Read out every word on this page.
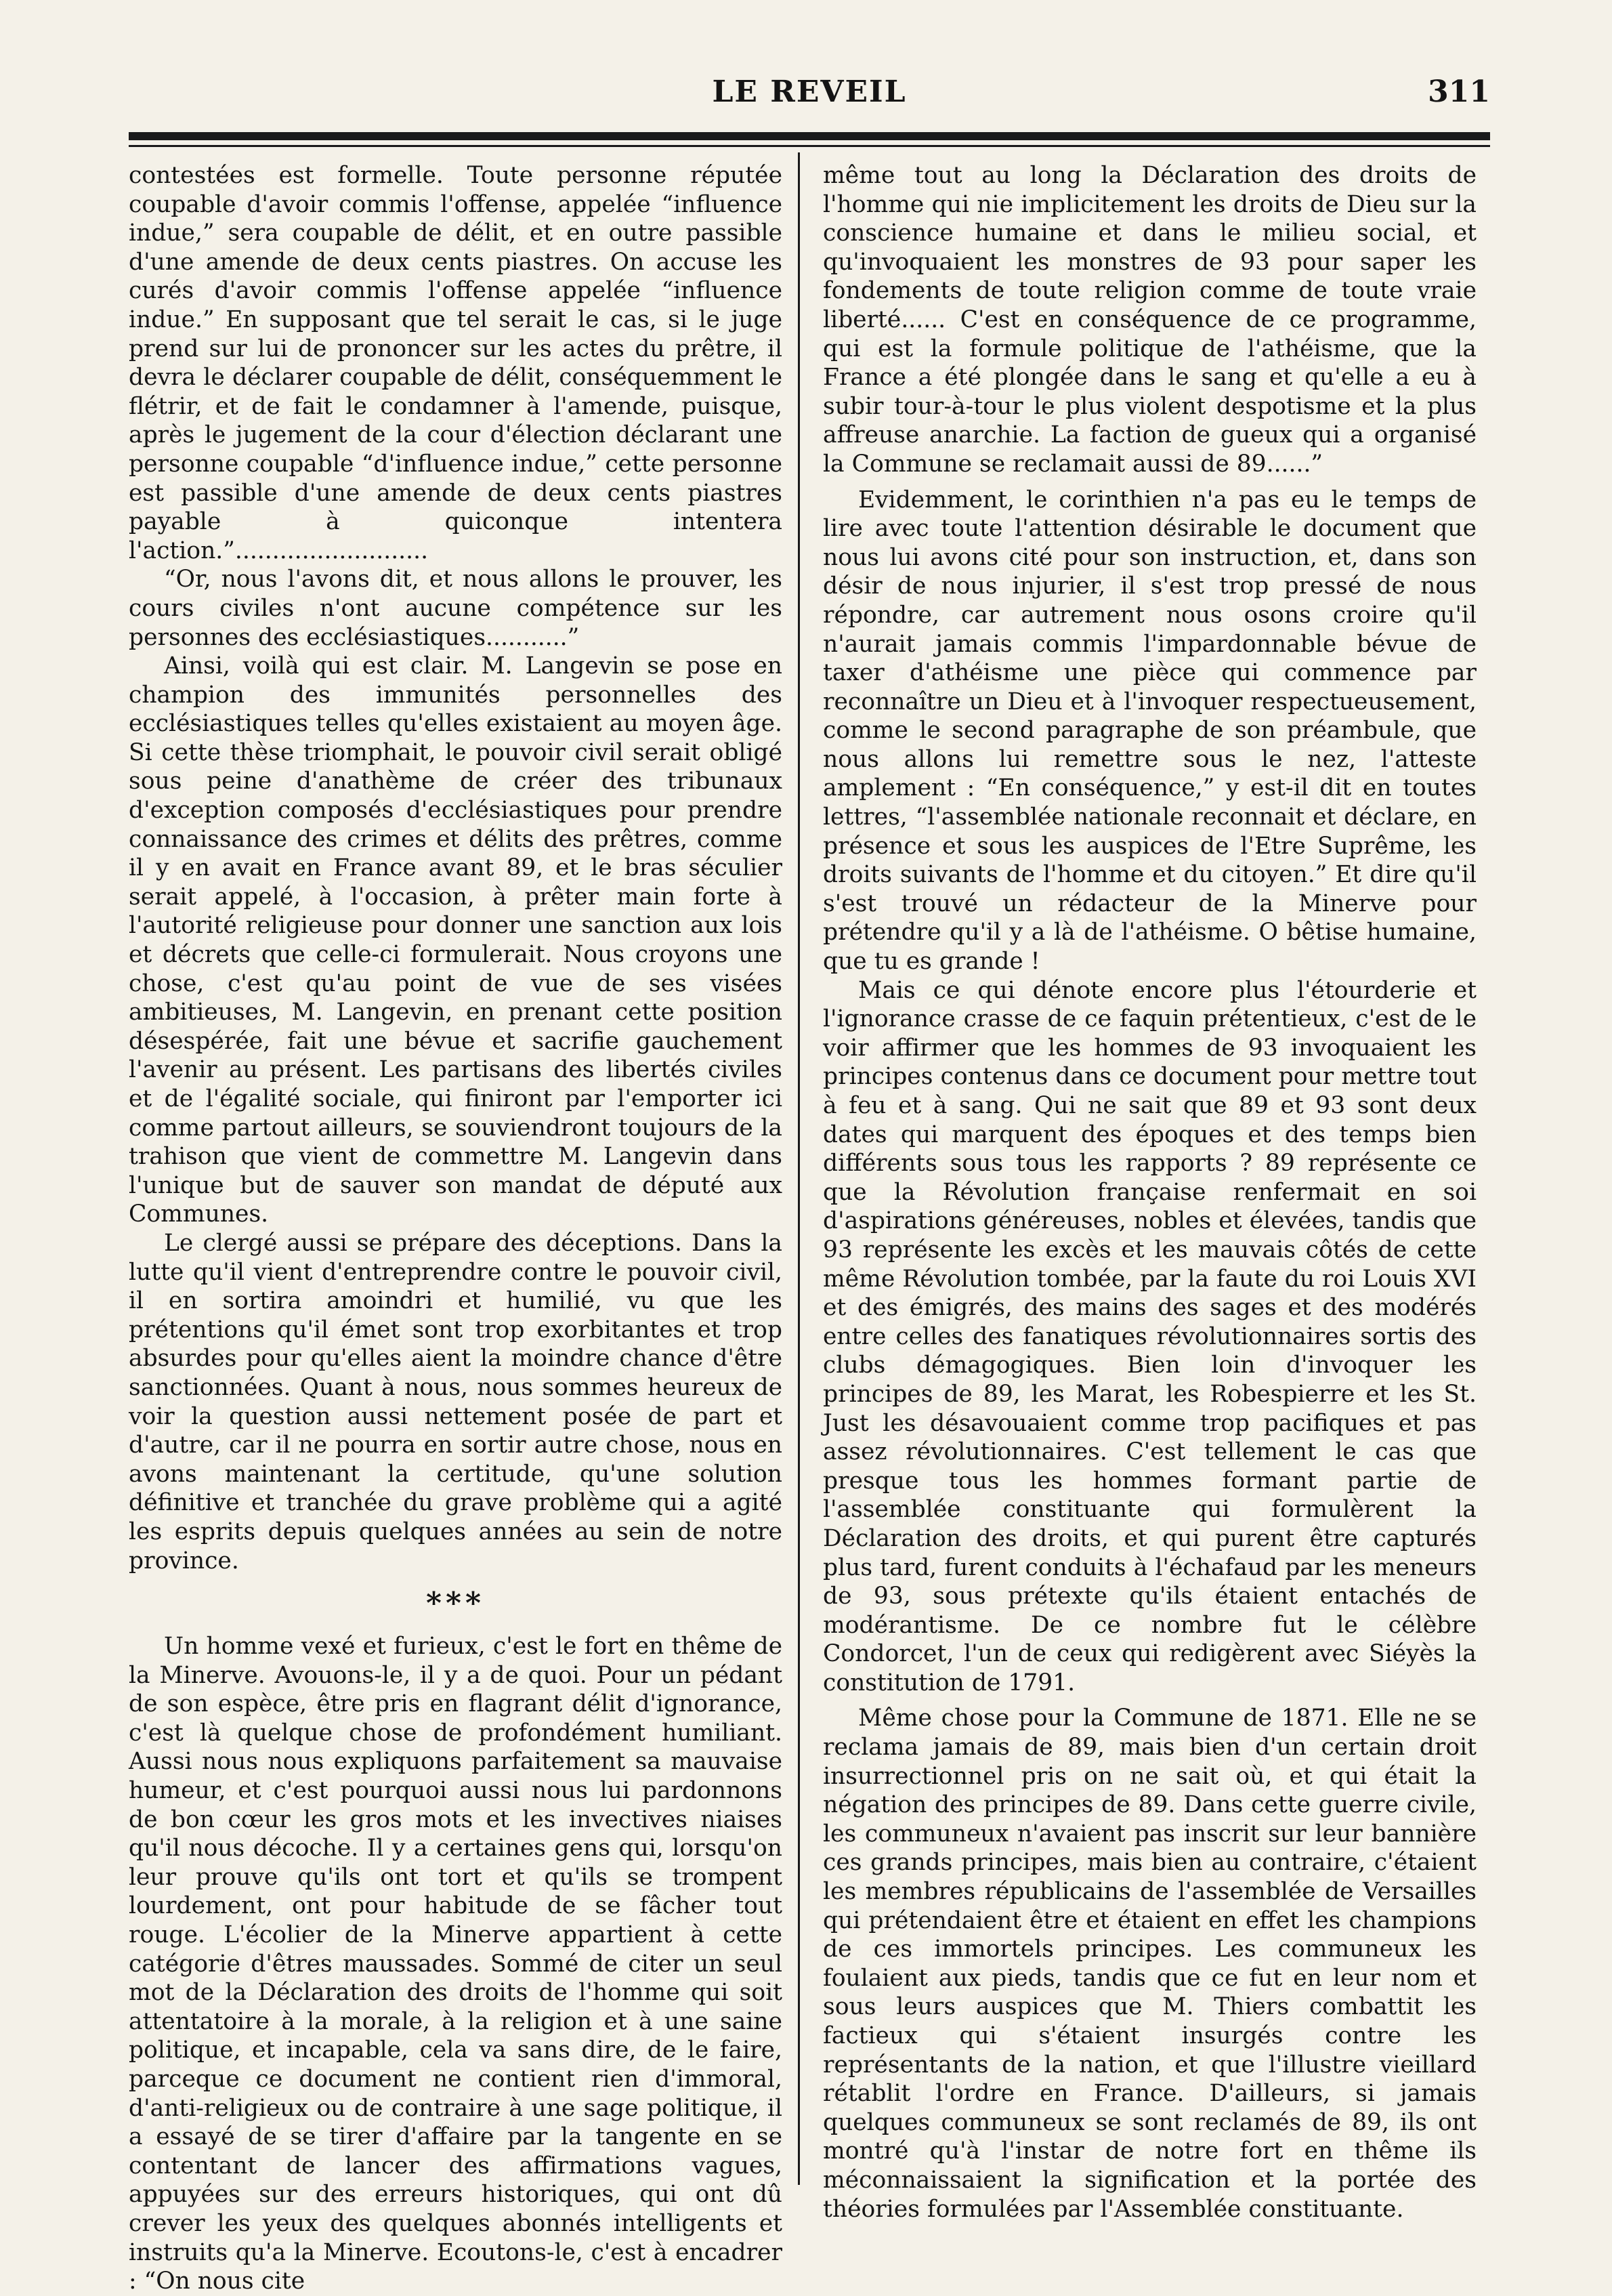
LE REVEIL	311

contestées est formelle. Toute personne réputée coupable d'avoir commis l'offense, appelée “influence indue,” sera coupable de délit, et en outre passible d'une amende de deux cents piastres. On accuse les curés d'avoir commis l'offense appelée “influence indue.” En supposant que tel serait le cas, si le juge prend sur lui de prononcer sur les actes du prêtre, il devra le déclarer coupable de délit, conséquemment le flétrir, et de fait le condamner à l'amende, puisque, après le jugement de la cour d'élection déclarant une personne coupable “d'influence indue,” cette personne est passible d'une amende de deux cents piastres payable à quiconque intentera l'action.”..........................

“Or, nous l'avons dit, et nous allons le prouver, les cours civiles n'ont aucune compétence sur les personnes des ecclésiastiques...........”

Ainsi, voilà qui est clair. M. Langevin se pose en champion des immunités personnelles des ecclésiastiques telles qu'elles existaient au moyen âge. Si cette thèse triomphait, le pouvoir civil serait obligé sous peine d'anathème de créer des tribunaux d'exception composés d'ecclésiastiques pour prendre connaissance des crimes et délits des prêtres, comme il y en avait en France avant 89, et le bras séculier serait appelé, à l'occasion, à prêter main forte à l'autorité religieuse pour donner une sanction aux lois et décrets que celle-ci formulerait. Nous croyons une chose, c'est qu'au point de vue de ses visées ambitieuses, M. Langevin, en prenant cette position désespérée, fait une bévue et sacrifie gauchement l'avenir au présent. Les partisans des libertés civiles et de l'égalité sociale, qui finiront par l'emporter ici comme partout ailleurs, se souviendront toujours de la trahison que vient de commettre M. Langevin dans l'unique but de sauver son mandat de député aux Communes.

Le clergé aussi se prépare des déceptions. Dans la lutte qu'il vient d'entreprendre contre le pouvoir civil, il en sortira amoindri et humilié, vu que les prétentions qu'il émet sont trop exorbitantes et trop absurdes pour qu'elles aient la moindre chance d'être sanctionnées. Quant à nous, nous sommes heureux de voir la question aussi nettement posée de part et d'autre, car il ne pourra en sortir autre chose, nous en avons maintenant la certitude, qu'une solution définitive et tranchée du grave problème qui a agité les esprits depuis quelques années au sein de notre province.

***

Un homme vexé et furieux, c'est le fort en thême de la Minerve. Avouons-le, il y a de quoi. Pour un pédant de son espèce, être pris en flagrant délit d'ignorance, c'est là quelque chose de profondément humiliant. Aussi nous nous expliquons parfaitement sa mauvaise humeur, et c'est pourquoi aussi nous lui pardonnons de bon cœur les gros mots et les invectives niaises qu'il nous décoche. Il y a certaines gens qui, lorsqu'on leur prouve qu'ils ont tort et qu'ils se trompent lourdement, ont pour habitude de se fâcher tout rouge. L'écolier de la Minerve appartient à cette catégorie d'êtres maussades. Sommé de citer un seul mot de la Déclaration des droits de l'homme qui soit attentatoire à la morale, à la religion et à une saine politique, et incapable, cela va sans dire, de le faire, parceque ce document ne contient rien d'immoral, d'anti-religieux ou de contraire à une sage politique, il a essayé de se tirer d'affaire par la tangente en se contentant de lancer des affirmations vagues, appuyées sur des erreurs historiques, qui ont dû crever les yeux des quelques abonnés intelligents et instruits qu'a la Minerve. Ecoutons-le, c'est à encadrer : “On nous cite

même tout au long la Déclaration des droits de l'homme qui nie implicitement les droits de Dieu sur la conscience humaine et dans le milieu social, et qu'invoquaient les monstres de 93 pour saper les fondements de toute religion comme de toute vraie liberté...... C'est en conséquence de ce programme, qui est la formule politique de l'athéisme, que la France a été plongée dans le sang et qu'elle a eu à subir tour-à-tour le plus violent despotisme et la plus affreuse anarchie. La faction de gueux qui a organisé la Commune se reclamait aussi de 89......”

Evidemment, le corinthien n'a pas eu le temps de lire avec toute l'attention désirable le document que nous lui avons cité pour son instruction, et, dans son désir de nous injurier, il s'est trop pressé de nous répondre, car autrement nous osons croire qu'il n'aurait jamais commis l'impardonnable bévue de taxer d'athéisme une pièce qui commence par reconnaître un Dieu et à l'invoquer respectueusement, comme le second paragraphe de son préambule, que nous allons lui remettre sous le nez, l'atteste amplement : “En conséquence,” y est-il dit en toutes lettres, “l'assemblée nationale reconnait et déclare, en présence et sous les auspices de l'Etre Suprême, les droits suivants de l'homme et du citoyen.” Et dire qu'il s'est trouvé un rédacteur de la Minerve pour prétendre qu'il y a là de l'athéisme. O bêtise humaine, que tu es grande !

Mais ce qui dénote encore plus l'étourderie et l'ignorance crasse de ce faquin prétentieux, c'est de le voir affirmer que les hommes de 93 invoquaient les principes contenus dans ce document pour mettre tout à feu et à sang. Qui ne sait que 89 et 93 sont deux dates qui marquent des époques et des temps bien différents sous tous les rapports ? 89 représente ce que la Révolution française renfermait en soi d'aspirations généreuses, nobles et élevées, tandis que 93 représente les excès et les mauvais côtés de cette même Révolution tombée, par la faute du roi Louis XVI et des émigrés, des mains des sages et des modérés entre celles des fanatiques révolutionnaires sortis des clubs démagogiques. Bien loin d'invoquer les principes de 89, les Marat, les Robespierre et les St. Just les désavouaient comme trop pacifiques et pas assez révolutionnaires. C'est tellement le cas que presque tous les hommes formant partie de l'assemblée constituante qui formulèrent la Déclaration des droits, et qui purent être capturés plus tard, furent conduits à l'échafaud par les meneurs de 93, sous prétexte qu'ils étaient entachés de modérantisme. De ce nombre fut le célèbre Condorcet, l'un de ceux qui redigèrent avec Siéyès la constitution de 1791.

Même chose pour la Commune de 1871. Elle ne se reclama jamais de 89, mais bien d'un certain droit insurrectionnel pris on ne sait où, et qui était la négation des principes de 89. Dans cette guerre civile, les communeux n'avaient pas inscrit sur leur bannière ces grands principes, mais bien au contraire, c'étaient les membres républicains de l'assemblée de Versailles qui prétendaient être et étaient en effet les champions de ces immortels principes. Les communeux les foulaient aux pieds, tandis que ce fut en leur nom et sous leurs auspices que M. Thiers combattit les factieux qui s'étaient insurgés contre les représentants de la nation, et que l'illustre vieillard rétablit l'ordre en France. D'ailleurs, si jamais quelques communeux se sont reclamés de 89, ils ont montré qu'à l'instar de notre fort en thême ils méconnaissaient la signification et la portée des théories formulées par l'Assemblée constituante.
